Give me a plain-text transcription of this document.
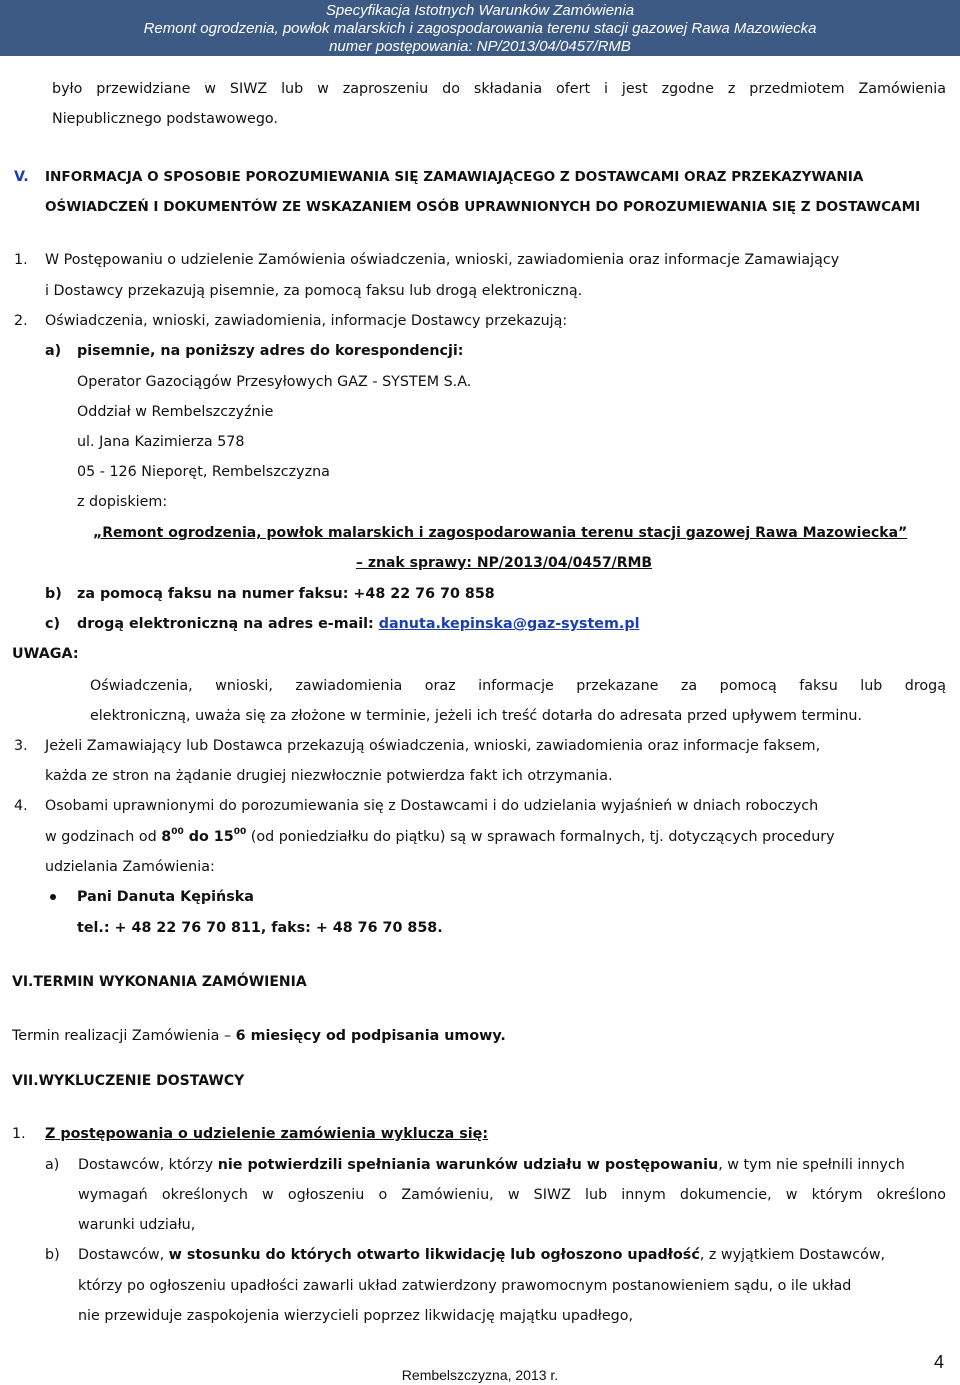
Specyfikacja Istotnych Warunków Zamówienia
Remont ogrodzenia, powłok malarskich i zagospodarowania terenu stacji gazowej Rawa Mazowiecka
numer postępowania: NP/2013/04/0457/RMB
było przewidziane w SIWZ lub w zaproszeniu do składania ofert i jest zgodne z przedmiotem Zamówienia
Niepublicznego podstawowego.
V. INFORMACJA O SPOSOBIE POROZUMIEWANIA SIĘ ZAMAWIAJĄCEGO Z DOSTAWCAMI ORAZ PRZEKAZYWANIA
OŚWIADCZEŃ I DOKUMENTÓW ZE WSKAZANIEM OSÓB UPRAWNIONYCH DO POROZUMIEWANIA SIĘ Z DOSTAWCAMI
1. W Postępowaniu o udzielenie Zamówienia oświadczenia, wnioski, zawiadomienia oraz informacje Zamawiający
i Dostawcy przekazują pisemnie, za pomocą faksu lub drogą elektroniczną.
2. Oświadczenia, wnioski, zawiadomienia, informacje Dostawcy przekazują:
a) pisemnie, na poniższy adres do korespondencji:
Operator Gazociągów Przesyłowych GAZ - SYSTEM S.A.
Oddział w Rembelszczyźnie
ul. Jana Kazimierza 578
05 - 126 Nieporęt, Rembelszczyzna
z dopiskiem:
„Remont ogrodzenia, powłok malarskich i zagospodarowania terenu stacji gazowej Rawa Mazowiecka”
– znak sprawy: NP/2013/04/0457/RMB
b) za pomocą faksu na numer faksu: +48 22 76 70 858
c) drogą elektroniczną na adres e-mail: danuta.kepinska@gaz-system.pl
UWAGA:
Oświadczenia, wnioski, zawiadomienia oraz informacje przekazane za pomocą faksu lub drogą
elektroniczną, uważa się za złożone w terminie, jeżeli ich treść dotarła do adresata przed upływem terminu.
3. Jeżeli Zamawiający lub Dostawca przekazują oświadczenia, wnioski, zawiadomienia oraz informacje faksem,
każda ze stron na żądanie drugiej niezwłocznie potwierdza fakt ich otrzymania.
4. Osobami uprawnionymi do porozumiewania się z Dostawcami i do udzielania wyjaśnień w dniach roboczych
w godzinach od $8^{00}$ do $15^{00}$ (od poniedziałku do piątku) są w sprawach formalnych, tj. dotyczących procedury
udzielania Zamówienia:
Pani Danuta Kępińska
tel.: + 48 22 76 70 811, faks: + 48 76 70 858.
VI.TERMIN WYKONANIA ZAMÓWIENIA
Termin realizacji Zamówienia – 6 miesięcy od podpisania umowy.
VII.WYKLUCZENIE DOSTAWCY
1. Z postępowania o udzielenie zamówienia wyklucza się:
a) Dostawców, którzy nie potwierdzili spełniania warunków udziału w postępowaniu, w tym nie spełnili innych
wymagań określonych w ogłoszeniu o Zamówieniu, w SIWZ lub innym dokumencie, w którym określono
warunki udziału,
b) Dostawców, w stosunku do których otwarto likwidację lub ogłoszono upadłość, z wyjątkiem Dostawców,
którzy po ogłoszeniu upadłości zawarli układ zatwierdzony prawomocnym postanowieniem sądu, o ile układ
nie przewiduje zaspokojenia wierzycieli poprzez likwidację majątku upadłego,
4
Rembelszczyzna, 2013 r.
